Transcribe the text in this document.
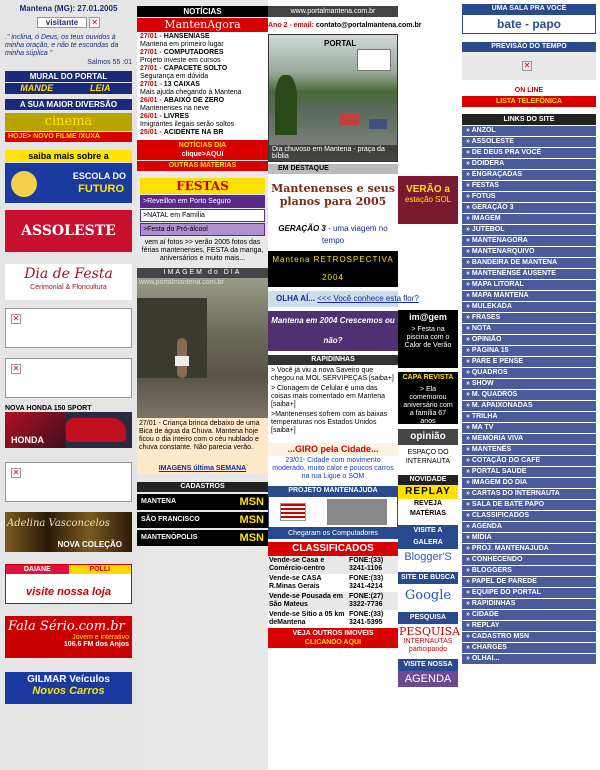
Mantena (MG): 27.01.2005
visitante	✕
." inclina, ó Deus, os teus ouvidos à minha oração, e não te escondas da minha súplica "
Salmos 55 :01
MURAL DO PORTAL
MANDE	LEIA
A SUA MAIOR DIVERSÃO
cinema
HOJE> NOVO FILME /XUXA
saiba mais sobre a
ESCOLA DO
FUTURO
ASSOLESTE
Dia de Festa
Cerimonial & Floricultura
✕
✕
NOVA HONDA 150 SPORT
HONDA
✕
Adelina Vasconcelos
NOVA COLEÇÃO
DAIANE	POLLI
visite nossa loja
Fala Sério.com.br
Jovem e interativo
106.6 FM dos Anjos
GILMAR Veículos
Novos Carros
NOTÍCIAS
MantenAgora
27/01 - HANSENÍASE
Mantena em primeiro lugar
27/01 - COMPUTADORES
Projeto investe em cursos
27/01 - CAPACETE SOLTO
Segurança em dúvida
27/01 - 13 CAIXAS
Mais ajuda chegando à Mantena
26/01 - ABAIXO DE ZERO
Mantenenses na neve
26/01 - LIVRES
Imigrantes ilegais serão soltos
25/01 - ACIDENTE NA BR
NOTÍCIAS DIA
clique>AQUI
OUTRAS MATÉRIAS
FESTAS
>Reveillon em Porto Seguro
>NATAL em Família
>Festa do Pró-álcool
vem aí fotos >> verão 2005 fotos das férias mantenenses, FESTA da manga, aniversários e muito mais...
IMAGEM do DIA
www.portalmantena.com.br
27/01 - Criança brinca debaixo de uma Bica de água da Chuva. Mantena hoje ficou o dia inteiro com o céu nublado e chuva constante. Não parecia verão.
IMAGENS última SEMANA
CADASTROS
MANTENA	MSN
SÃO FRANCISCO	MSN
MANTENÓPOLIS	MSN
www.portalmantena.com.br
Ano 2 - email: contato@portalmantena.com.br
PORTAL
Dia chuvoso em Mantena - praça da bíblia
EM DESTAQUE
Mantenenses e seus planos para 2005
GERAÇÃO 3 - uma viagem no tempo
Mantena RETROSPECTIVA 2004
OLHA AÍ... <<< Você conhece esta flor?
Mantena em 2004 Crescemos ou não?
RAPIDINHAS
> Você já viu a nova Saveiro que chegou na MOL SERVIPEÇAS [saiba+]
> Clonagem de Celular é uma das coisas mais comentado em Mantena [saiba+]
>Mantenenses sofrem com as baixas temperaturas nos Estados Unidos [saiba+]
...GIRO pela Cidade...
23/01- Cidade com movimento moderado, muito calor e poucos carros na rua Ligue o SOM
PROJETO MANTENAJUDA
Chegaram os Computadores
CLASSIFICADOS
Vende-se Casa e Comércio-centro
FONE:(33) 3241-1106
Vende-se CASA R.Minas Gerais
FONE:(33) 3241-4214
Vende-se Pousada em São Mateus
FONE:(27) 3322-7736
Vende-se Sítio a 05 km deMantena
FONE:(33) 3241-5395
VEJA OUTROS IMOVEIS
CLICANDO AQUI
VERÃO a
estação SOL
im@gem
> Festa na piscina com o Calor de Verão
CAPA REVISTA
> Ela comemorou aniversário com a família 67 anos
opinião
ESPAÇO DO INTERNAUTA
NOVIDADE
REPLAY
REVEJA MATÉRIAS
VISITE A GALERA
Blogger'S
SITE DE BUSCA
Google
PESQUISA
PESQUISA
INTERNAUTAS participando
VISITE NOSSA
AGENDA
UMA SALA PRA VOCÊ
bate - papo
PREVISÃO DO TEMPO
✕
ON LINE
LISTA TELEFÔNICA
LINKS DO SITE
» ANZOL
» ASSOLESTE
» DE DEUS PRA VOCÊ
» DOIDERA
» ENGRAÇADAS
» FESTAS
» FOTUS
» GERAÇÃO 3
» IMAGEM
» JUTEBOL
» MANTENAGORA
» MANTENARQUIVO
» BANDEIRA DE MANTENA
» MANTENENSE AUSENTE
» MAPA LITORAL
» MAPA MANTENA
» MULEKADA
» FRASES
» NOTA
» OPINIÃO
» PÁGINA 15
» PARE E PENSE
» QUADROS
» SHOW
» M. QUADROS
» M. APAIXONADAS
» TRILHA
» MA TV
» MEMÓRIA VIVA
» MANTENÊS
» COTAÇÃO DO CAFÉ
» PORTAL SAÚDE
» IMAGEM DO DIA
» CARTAS DO INTERNAUTA
» SALA DE BATE PAPO
» CLASSIFICADOS
» AGENDA
» MÍDIA
» PROJ. MANTENAJUDA
» CONHECENDO
» BLOGGERS
» PAPEL DE PAREDE
» EQUIPE DO PORTAL
» RAPIDINHAS
» CIDADE
» REPLAY
» CADASTRO MSN
» CHARGES
» OLHAI...
